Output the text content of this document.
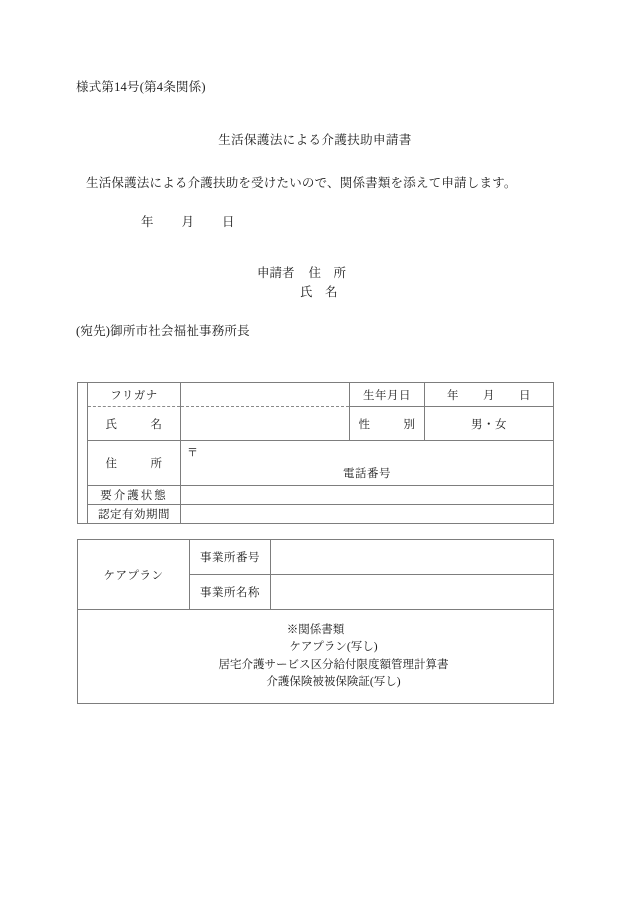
様式第14号(第4条関係)
生活保護法による介護扶助申請書
生活保護法による介護扶助を受けたいので、関係書類を添えて申請します。
年 月 日
申請者 住　所
氏　名
(宛先)御所市社会福祉事務所長
	フリガナ		生年月日	年　　月　　日
	氏　　名		性　　別	男・女
	住　　所	〒
電話番号		

	要介護状態			
	認定有効期間			
ケアプラン	事業所番号	

	事業所名称	

※関係書類
ケアプラン(写し)
居宅介護サービス区分給付限度額管理計算書
介護保険被被保険証(写し)		
